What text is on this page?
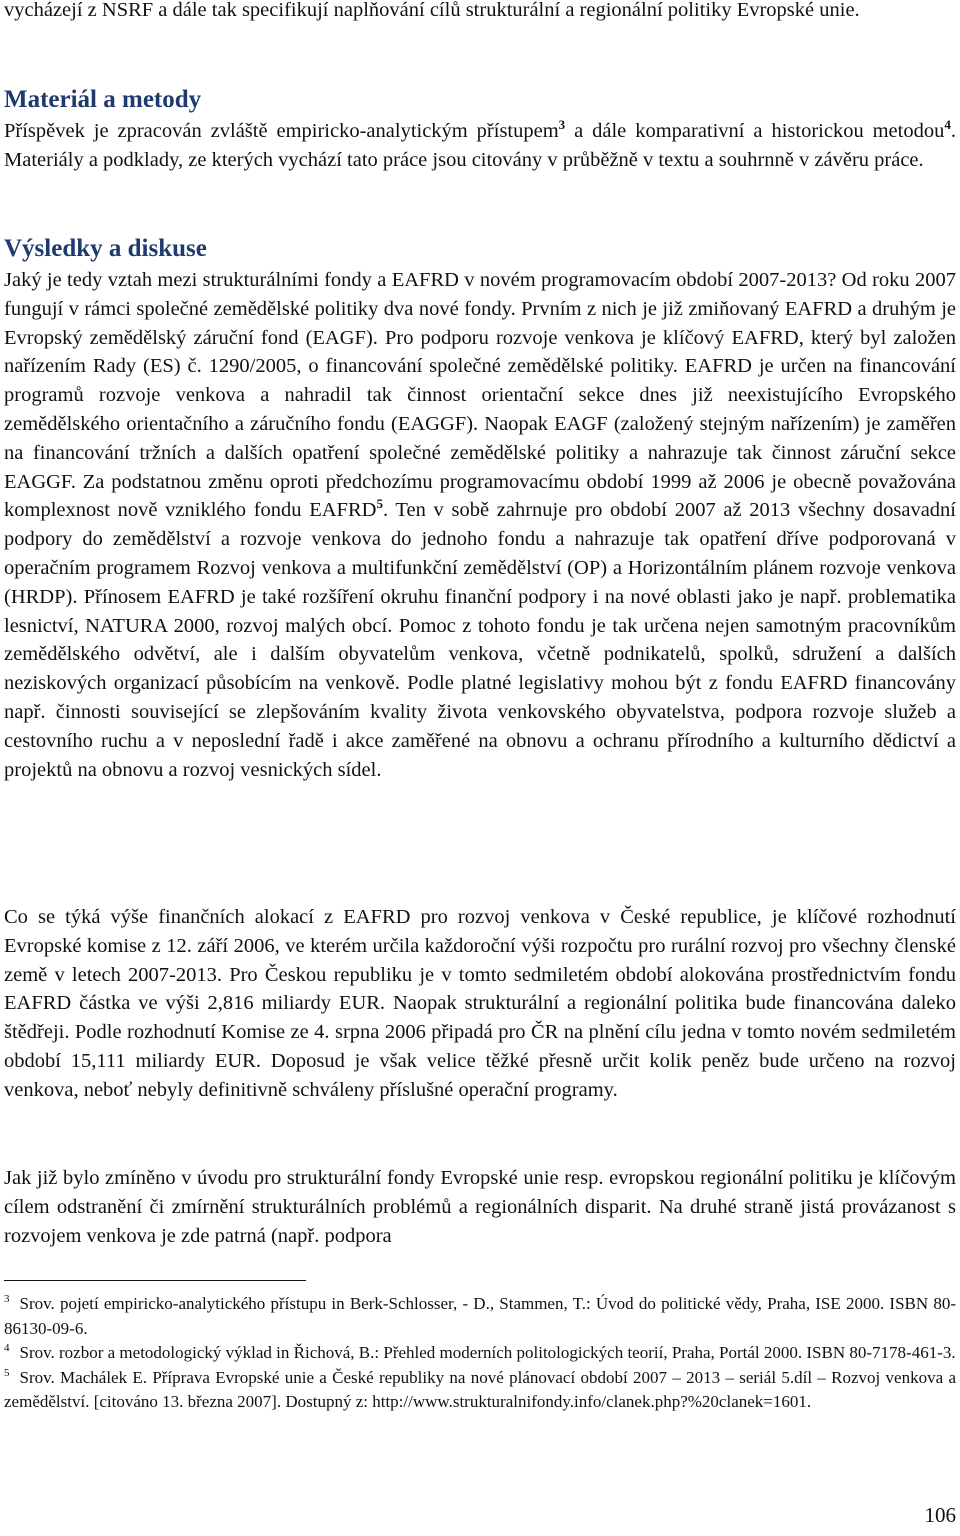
vycházejí z NSRF a dále tak specifikují naplňování cílů strukturální a regionální politiky Evropské unie.

Materiál a metody

Příspěvek je zpracován zvláště empiricko-analytickým přístupem$^3$ a dále komparativní a historickou metodou$^4$. Materiály a podklady, ze kterých vychází tato práce jsou citovány v průběžně v textu a souhrnně v závěru práce.

Výsledky a diskuse

Jaký je tedy vztah mezi strukturálními fondy a EAFRD v novém programovacím období 2007-2013? Od roku 2007 fungují v rámci společné zemědělské politiky dva nové fondy. Prvním z nich je již zmiňovaný EAFRD a druhým je Evropský zemědělský záruční fond (EAGF). Pro podporu rozvoje venkova je klíčový EAFRD, který byl založen nařízením Rady (ES) č. 1290/2005, o financování společné zemědělské politiky. EAFRD je určen na financování programů rozvoje venkova a nahradil tak činnost orientační sekce dnes již neexistujícího Evropského zemědělského orientačního a záručního fondu (EAGGF). Naopak EAGF (založený stejným nařízením) je zaměřen na financování tržních a dalších opatření společné zemědělské politiky a nahrazuje tak činnost záruční sekce EAGGF. Za podstatnou změnu oproti předchozímu programovacímu období 1999 až 2006 je obecně považována komplexnost nově vzniklého fondu EAFRD$^5$. Ten v sobě zahrnuje pro období 2007 až 2013 všechny dosavadní podpory do zemědělství a rozvoje venkova do jednoho fondu a nahrazuje tak opatření dříve podporovaná v operačním programem Rozvoj venkova a multifunkční zemědělství (OP) a Horizontálním plánem rozvoje venkova (HRDP). Přínosem EAFRD je také rozšíření okruhu finanční podpory i na nové oblasti jako je např. problematika lesnictví, NATURA 2000, rozvoj malých obcí. Pomoc z tohoto fondu je tak určena nejen samotným pracovníkům zemědělského odvětví, ale i dalším obyvatelům venkova, včetně podnikatelů, spolků, sdružení a dalších neziskových organizací působícím na venkově. Podle platné legislativy mohou být z fondu EAFRD financovány např. činnosti související se zlepšováním kvality života venkovského obyvatelstva, podpora rozvoje služeb a cestovního ruchu a v neposlední řadě i akce zaměřené na obnovu a ochranu přírodního a kulturního dědictví a projektů na obnovu a rozvoj vesnických sídel.

Co se týká výše finančních alokací z EAFRD pro rozvoj venkova v České republice, je klíčové rozhodnutí Evropské komise z 12. září 2006, ve kterém určila každoroční výši rozpočtu pro rurální rozvoj pro všechny členské země v letech 2007-2013. Pro Českou republiku je v tomto sedmiletém období alokována prostřednictvím fondu EAFRD částka ve výši 2,816 miliardy EUR. Naopak strukturální a regionální politika bude financována daleko štědřeji. Podle rozhodnutí Komise ze 4. srpna 2006 připadá pro ČR na plnění cílu jedna v tomto novém sedmiletém období 15,111 miliardy EUR. Doposud je však velice těžké přesně určit kolik peněz bude určeno na rozvoj venkova, neboť nebyly definitivně schváleny příslušné operační programy.

Jak již bylo zmíněno v úvodu pro strukturální fondy Evropské unie resp. evropskou regionální politiku je klíčovým cílem odstranění či zmírnění strukturálních problémů a regionálních disparit. Na druhé straně jistá provázanost s rozvojem venkova je zde patrná (např. podpora

$^3$ Srov. pojetí empiricko-analytického přístupu in Berk-Schlosser, - D., Stammen, T.: Úvod do politické vědy, Praha, ISE 2000. ISBN 80-86130-09-6.

$^4$ Srov. rozbor a metodologický výklad in Řichová, B.: Přehled moderních politologických teorií, Praha, Portál 2000. ISBN 80-7178-461-3.

$^5$ Srov. Machálek E. Příprava Evropské unie a České republiky na nové plánovací období 2007 – 2013 – seriál 5.díl – Rozvoj venkova a zemědělství. [citováno 13. března 2007]. Dostupný z: http://www.strukturalnifondy.info/clanek.php?%20clanek=1601.

106
